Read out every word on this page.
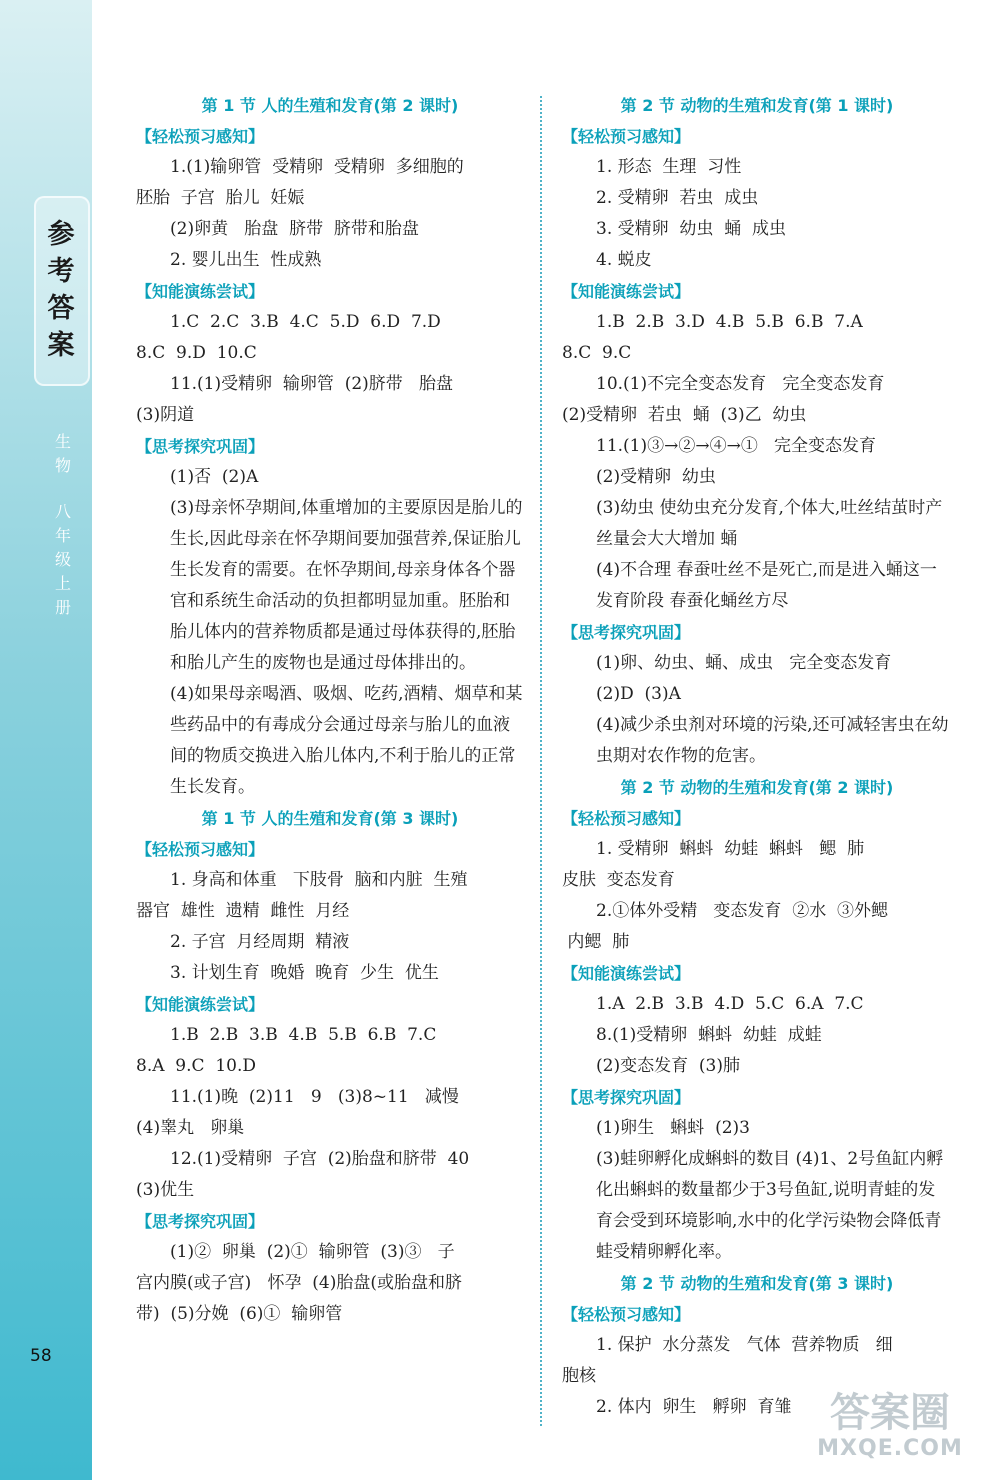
参考答案
生物
八年级上册
58
第 1 节 人的生殖和发育(第 2 课时)
【轻松预习感知】
1.(1)输卵管  受精卵  受精卵  多细胞的
胚胎  子宫  胎儿  妊娠
(2)卵黄   胎盘  脐带  脐带和胎盘
2. 婴儿出生  性成熟
【知能演练尝试】
1.C  2.C  3.B  4.C  5.D  6.D  7.D
8.C  9.D  10.C
11.(1)受精卵  输卵管  (2)脐带   胎盘
(3)阴道
【思考探究巩固】
(1)否  (2)A
(3)母亲怀孕期间,体重增加的主要原因是胎儿的生长,因此母亲在怀孕期间要加强营养,保证胎儿生长发育的需要。在怀孕期间,母亲身体各个器官和系统生命活动的负担都明显加重。胚胎和胎儿体内的营养物质都是通过母体获得的,胚胎和胎儿产生的废物也是通过母体排出的。
(4)如果母亲喝酒、吸烟、吃药,酒精、烟草和某些药品中的有毒成分会通过母亲与胎儿的血液间的物质交换进入胎儿体内,不利于胎儿的正常生长发育。
第 1 节 人的生殖和发育(第 3 课时)
【轻松预习感知】
1. 身高和体重   下肢骨  脑和内脏  生殖
器官  雄性  遗精  雌性  月经
2. 子宫  月经周期  精液
3. 计划生育  晚婚  晚育  少生  优生
【知能演练尝试】
1.B  2.B  3.B  4.B  5.B  6.B  7.C
8.A  9.C  10.D
11.(1)晚  (2)11   9   (3)8~11   减慢
(4)睾丸   卵巢
12.(1)受精卵  子宫  (2)胎盘和脐带  40
(3)优生
【思考探究巩固】
(1)②  卵巢  (2)①  输卵管  (3)③   子
宫内膜(或子宫)   怀孕  (4)胎盘(或胎盘和脐
带)  (5)分娩  (6)①  输卵管
第 2 节 动物的生殖和发育(第 1 课时)
【轻松预习感知】
1. 形态  生理  习性
2. 受精卵  若虫  成虫
3. 受精卵  幼虫  蛹  成虫
4. 蜕皮
【知能演练尝试】
1.B  2.B  3.D  4.B  5.B  6.B  7.A
8.C  9.C
10.(1)不完全变态发育   完全变态发育
(2)受精卵  若虫  蛹  (3)乙  幼虫
11.(1)③→②→④→①   完全变态发育
(2)受精卵  幼虫
(3)幼虫 使幼虫充分发育,个体大,吐丝结茧时产丝量会大大增加 蛹
(4)不合理 春蚕吐丝不是死亡,而是进入蛹这一发育阶段 春蚕化蛹丝方尽
【思考探究巩固】
(1)卵、幼虫、蛹、成虫   完全变态发育
(2)D  (3)A
(4)减少杀虫剂对环境的污染,还可减轻害虫在幼虫期对农作物的危害。
第 2 节 动物的生殖和发育(第 2 课时)
【轻松预习感知】
1. 受精卵  蝌蚪  幼蛙  蝌蚪   鳃  肺
皮肤  变态发育
2.①体外受精   变态发育  ②水  ③外鳃
内鳃  肺
【知能演练尝试】
1.A  2.B  3.B  4.D  5.C  6.A  7.C
8.(1)受精卵  蝌蚪  幼蛙  成蛙
(2)变态发育  (3)肺
【思考探究巩固】
(1)卵生   蝌蚪  (2)3
(3)蛙卵孵化成蝌蚪的数目 (4)1、2号鱼缸内孵化出蝌蚪的数量都少于3号鱼缸,说明青蛙的发育会受到环境影响,水中的化学污染物会降低青蛙受精卵孵化率。
第 2 节 动物的生殖和发育(第 3 课时)
【轻松预习感知】
1. 保护  水分蒸发   气体  营养物质   细
胞核
2. 体内  卵生   孵卵  育雏 答案圈
MXQE.COM
